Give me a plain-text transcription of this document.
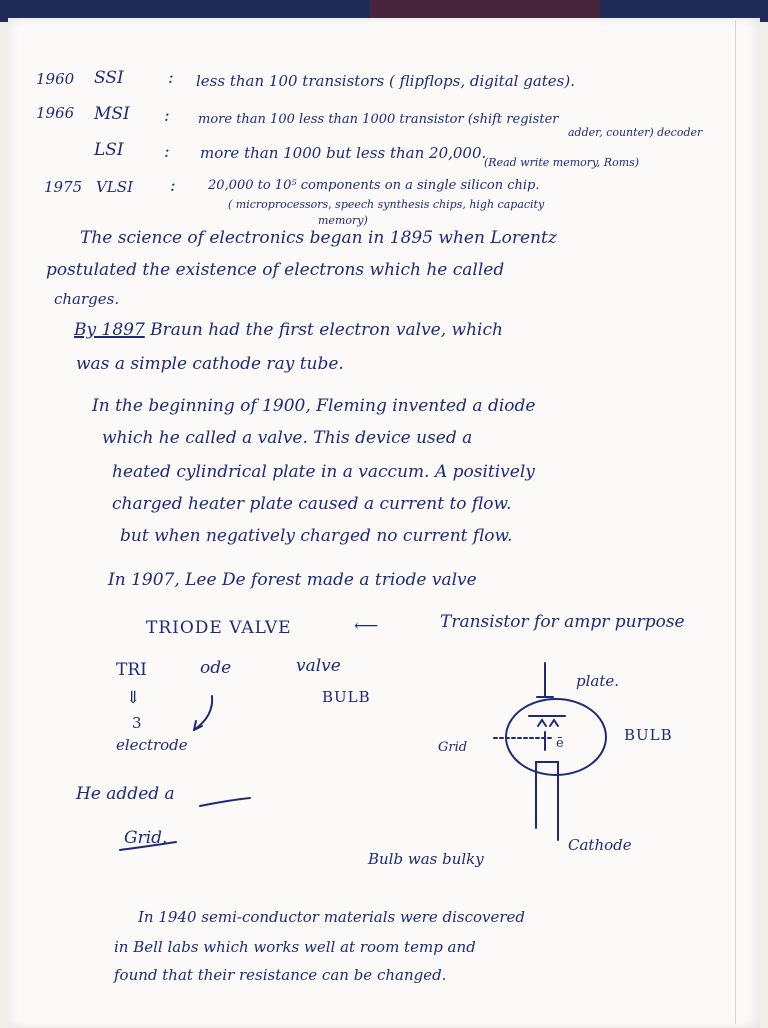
1960 SSI	: less than 100 transistors ( flipflops, digital gates).
1966 MSI : more than 100 less than 1000 transistor (shift register
adder, counter) decoder
LSI : more than 1000 but less than 20,000.
(Read write memory, Roms)
1975 VLSI : 20,000 to 10⁵ components on a single silicon chip.
( microprocessors, speech synthesis chips, high capacity
memory)
The science of electronics began in 1895 when Lorentz
postulated the existence of electrons which he called
charges.
By 1897 Braun had the first electron valve, which
was a simple cathode ray tube.
In the beginning of 1900, Fleming invented a diode
which he called a valve. This device used a
heated cylindrical plate in a vaccum. A positively
charged heater plate caused a current to flow.
but when negatively charged no current flow.
In 1907, Lee De forest made a triode valve
TRIODE VALVE	⟵	Transistor for ampr purpose
TRI	ode	valve
⇓
3
electrode
BULB
He added a
Grid.
plate.
BULB
Grid	ē
Cathode
Bulb was bulky
In 1940 semi-conductor materials were discovered
in Bell labs which works well at room temp and
found that their resistance can be changed.
